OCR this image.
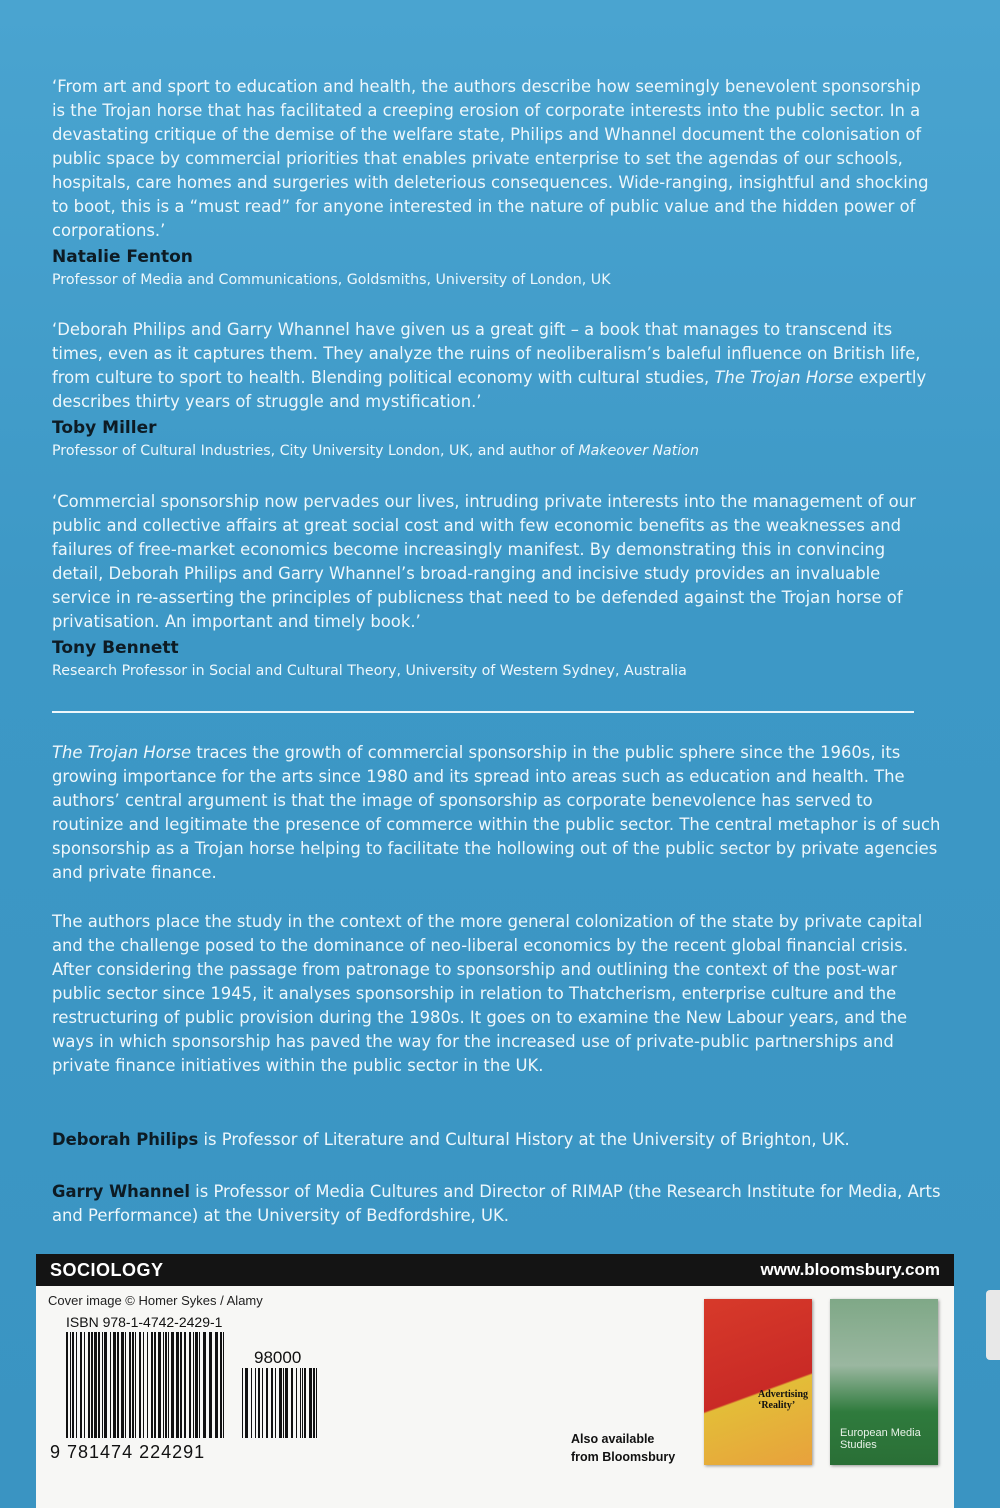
‘From art and sport to education and health, the authors describe how seemingly benevolent sponsorship is the Trojan horse that has facilitated a creeping erosion of corporate interests into the public sector. In a devastating critique of the demise of the welfare state, Philips and Whannel document the colonisation of public space by commercial priorities that enables private enterprise to set the agendas of our schools, hospitals, care homes and surgeries with deleterious consequences. Wide-ranging, insightful and shocking to boot, this is a “must read” for anyone interested in the nature of public value and the hidden power of corporations.’

Natalie Fenton
Professor of Media and Communications, Goldsmiths, University of London, UK

‘Deborah Philips and Garry Whannel have given us a great gift – a book that manages to transcend its times, even as it captures them. They analyze the ruins of neoliberalism’s baleful influence on British life, from culture to sport to health. Blending political economy with cultural studies, The Trojan Horse expertly describes thirty years of struggle and mystification.’

Toby Miller
Professor of Cultural Industries, City University London, UK, and author of Makeover Nation

‘Commercial sponsorship now pervades our lives, intruding private interests into the management of our public and collective affairs at great social cost and with few economic benefits as the weaknesses and failures of free-market economics become increasingly manifest. By demonstrating this in convincing detail, Deborah Philips and Garry Whannel’s broad-ranging and incisive study provides an invaluable service in re-asserting the principles of publicness that need to be defended against the Trojan horse of privatisation. An important and timely book.’

Tony Bennett
Research Professor in Social and Cultural Theory, University of Western Sydney, Australia
The Trojan Horse traces the growth of commercial sponsorship in the public sphere since the 1960s, its growing importance for the arts since 1980 and its spread into areas such as education and health. The authors’ central argument is that the image of sponsorship as corporate benevolence has served to routinize and legitimate the presence of commerce within the public sector. The central metaphor is of such sponsorship as a Trojan horse helping to facilitate the hollowing out of the public sector by private agencies and private finance.
The authors place the study in the context of the more general colonization of the state by private capital and the challenge posed to the dominance of neo-liberal economics by the recent global financial crisis. After considering the passage from patronage to sponsorship and outlining the context of the post-war public sector since 1945, it analyses sponsorship in relation to Thatcherism, enterprise culture and the restructuring of public provision during the 1980s. It goes on to examine the New Labour years, and the ways in which sponsorship has paved the way for the increased use of private-public partnerships and private finance initiatives within the public sector in the UK.
Deborah Philips is Professor of Literature and Cultural History at the University of Brighton, UK.
Garry Whannel is Professor of Media Cultures and Director of RIMAP (the Research Institute for Media, Arts and Performance) at the University of Bedfordshire, UK.
SOCIOLOGY	www.bloomsbury.com
Cover image © Homer Sykes / Alamy
ISBN 978-1-4742-2429-1
98000
9 781474 224291
Also available
from Bloomsbury
Advertising ‘Reality’
European Media Studies
